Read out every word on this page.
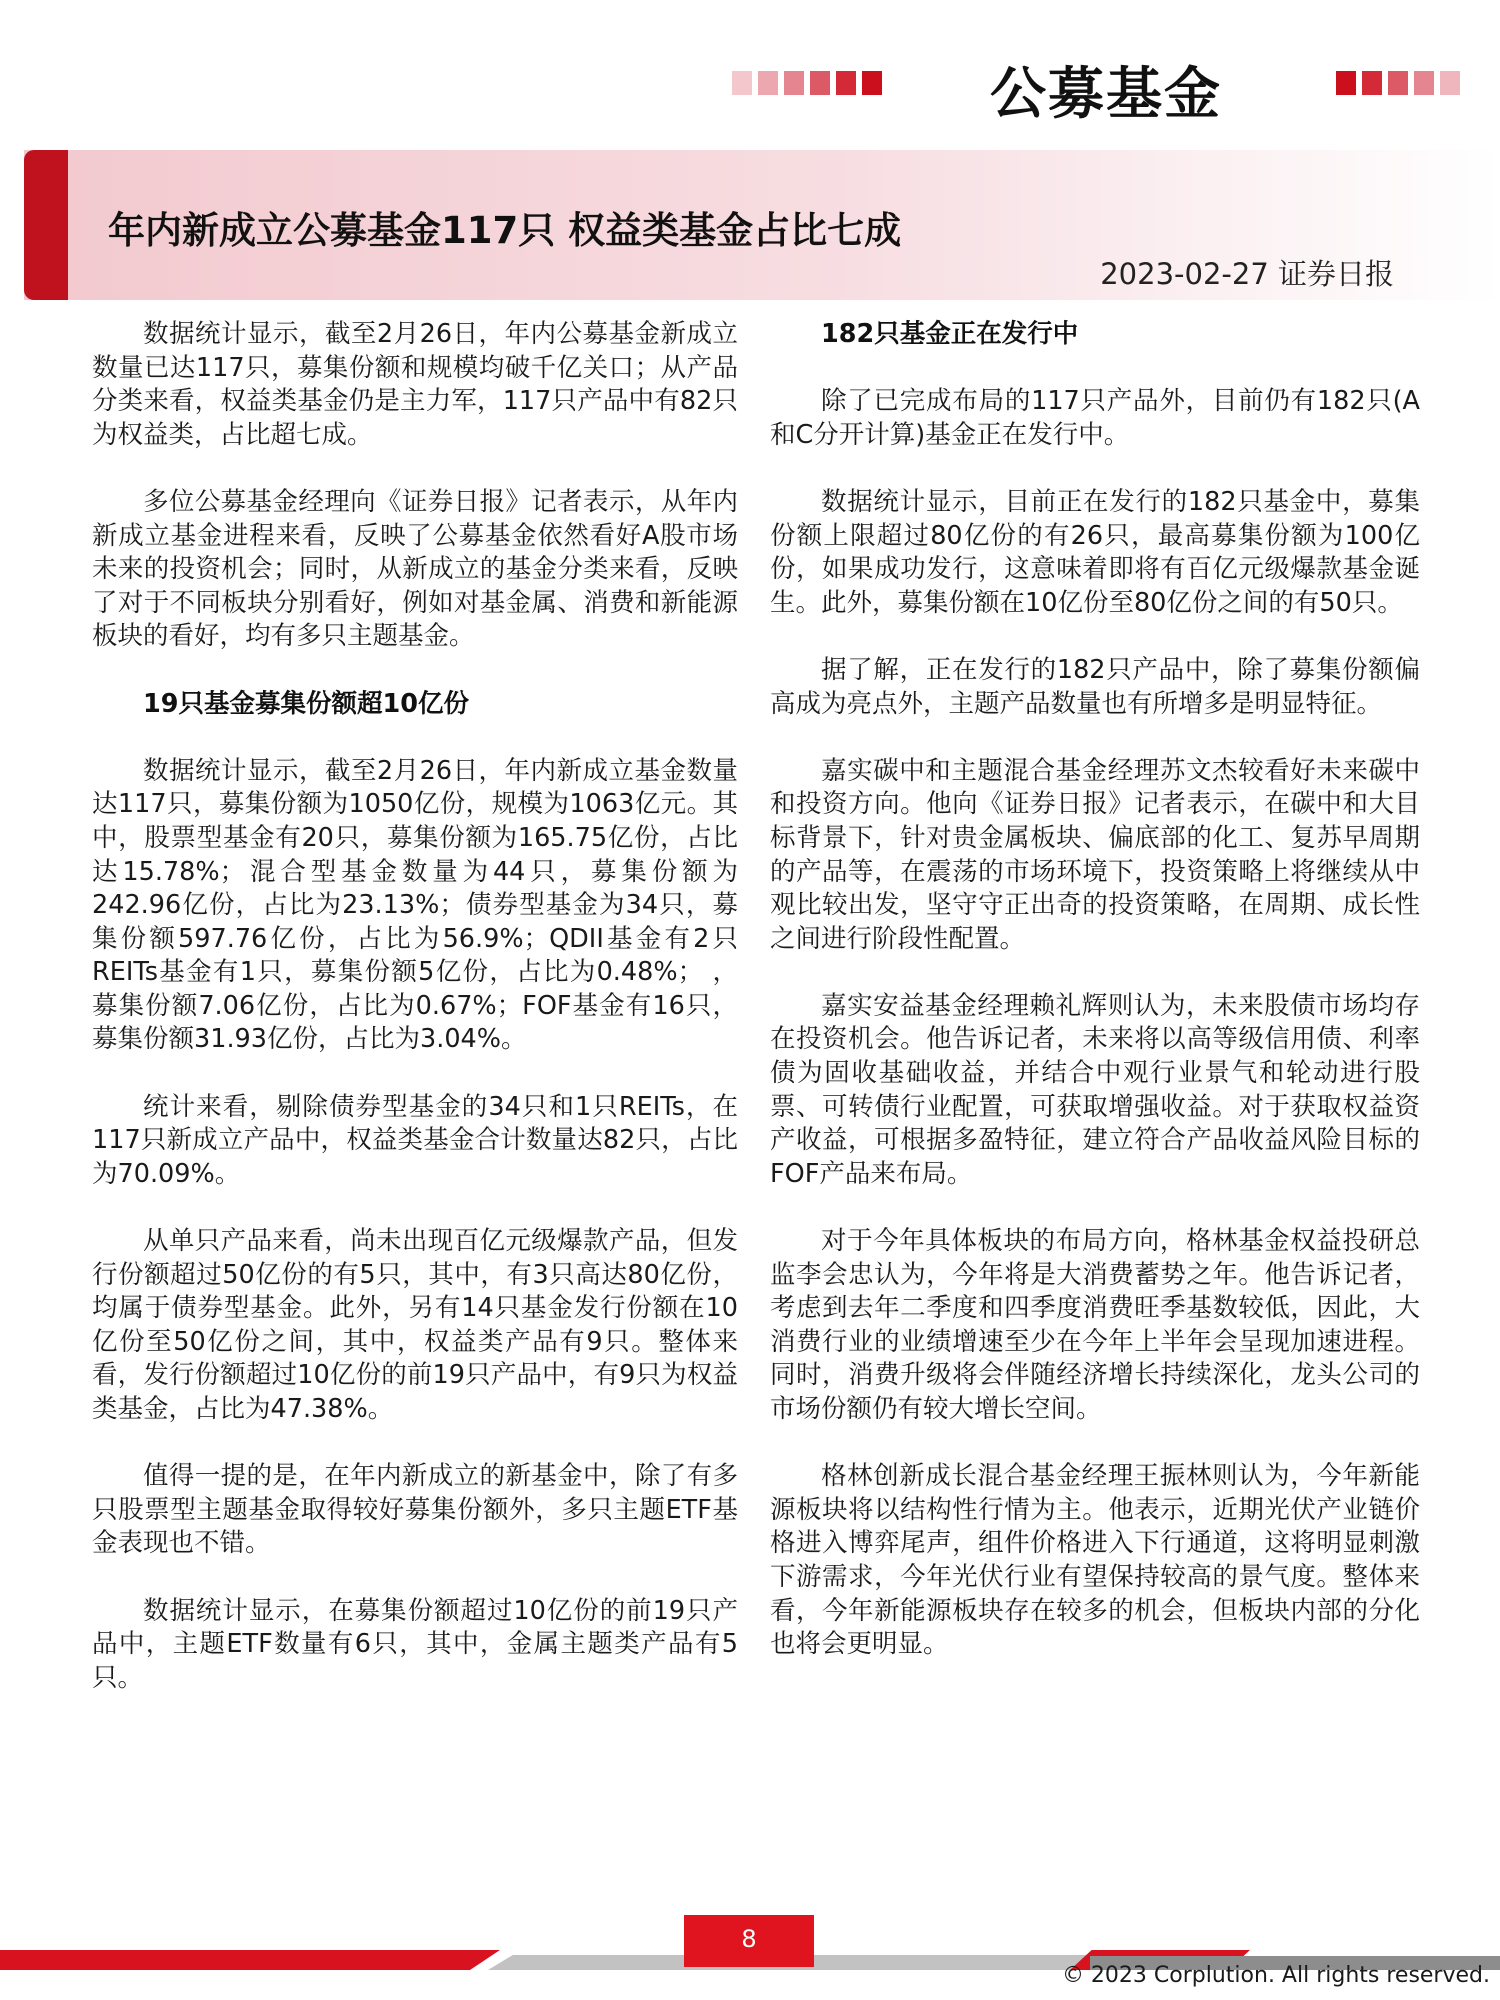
公募基金
年内新成立公募基金117只 权益类基金占比七成
2023-02-27 证券日报

数据统计显示，截至2月26日，年内公募基金新成立数量已达117只，募集份额和规模均破千亿关口；从产品分类来看，权益类基金仍是主力军，117只产品中有82只为权益类，占比超七成。

多位公募基金经理向《证券日报》记者表示，从年内新成立基金进程来看，反映了公募基金依然看好A股市场未来的投资机会；同时，从新成立的基金分类来看，反映了对于不同板块分别看好，例如对基金属、消费和新能源板块的看好，均有多只主题基金。

19只基金募集份额超10亿份

数据统计显示，截至2月26日，年内新成立基金数量达117只，募集份额为1050亿份，规模为1063亿元。其中，股票型基金有20只，募集份额为165.75亿份，占比达15.78%；混合型基金数量为44只，募集份额为242.96亿份，占比为23.13%；债券型基金为34只，募集份额597.76亿份，占比为56.9%；QDII基金有2只REITs基金有1只，募集份额5亿份，占比为0.48%； ，募集份额7.06亿份，占比为0.67%；FOF基金有16只，募集份额31.93亿份，占比为3.04%。

统计来看，剔除债券型基金的34只和1只REITs，在117只新成立产品中，权益类基金合计数量达82只，占比为70.09%。

从单只产品来看，尚未出现百亿元级爆款产品，但发行份额超过50亿份的有5只，其中，有3只高达80亿份，均属于债券型基金。此外，另有14只基金发行份额在10亿份至50亿份之间，其中，权益类产品有9只。整体来看，发行份额超过10亿份的前19只产品中，有9只为权益类基金，占比为47.38%。

值得一提的是，在年内新成立的新基金中，除了有多只股票型主题基金取得较好募集份额外，多只主题ETF基金表现也不错。

数据统计显示，在募集份额超过10亿份的前19只产品中，主题ETF数量有6只，其中，金属主题类产品有5只。

182只基金正在发行中

除了已完成布局的117只产品外，目前仍有182只(A和C分开计算)基金正在发行中。

数据统计显示，目前正在发行的182只基金中，募集份额上限超过80亿份的有26只，最高募集份额为100亿份，如果成功发行，这意味着即将有百亿元级爆款基金诞生。此外，募集份额在10亿份至80亿份之间的有50只。

据了解，正在发行的182只产品中，除了募集份额偏高成为亮点外，主题产品数量也有所增多是明显特征。

嘉实碳中和主题混合基金经理苏文杰较看好未来碳中和投资方向。他向《证券日报》记者表示，在碳中和大目标背景下，针对贵金属板块、偏底部的化工、复苏早周期的产品等，在震荡的市场环境下，投资策略上将继续从中观比较出发，坚守守正出奇的投资策略，在周期、成长性之间进行阶段性配置。

嘉实安益基金经理赖礼辉则认为，未来股债市场均存在投资机会。他告诉记者，未来将以高等级信用债、利率债为固收基础收益，并结合中观行业景气和轮动进行股票、可转债行业配置，可获取增强收益。对于获取权益资产收益，可根据多盈特征，建立符合产品收益风险目标的FOF产品来布局。

对于今年具体板块的布局方向，格林基金权益投研总监李会忠认为，今年将是大消费蓄势之年。他告诉记者，考虑到去年二季度和四季度消费旺季基数较低，因此，大消费行业的业绩增速至少在今年上半年会呈现加速进程。同时，消费升级将会伴随经济增长持续深化，龙头公司的市场份额仍有较大增长空间。

格林创新成长混合基金经理王振林则认为，今年新能源板块将以结构性行情为主。他表示，近期光伏产业链价格进入博弈尾声，组件价格进入下行通道，这将明显刺激下游需求，今年光伏行业有望保持较高的景气度。整体来看，今年新能源板块存在较多的机会，但板块内部的分化也将会更明显。

8
© 2023 Corplution. All rights reserved.
